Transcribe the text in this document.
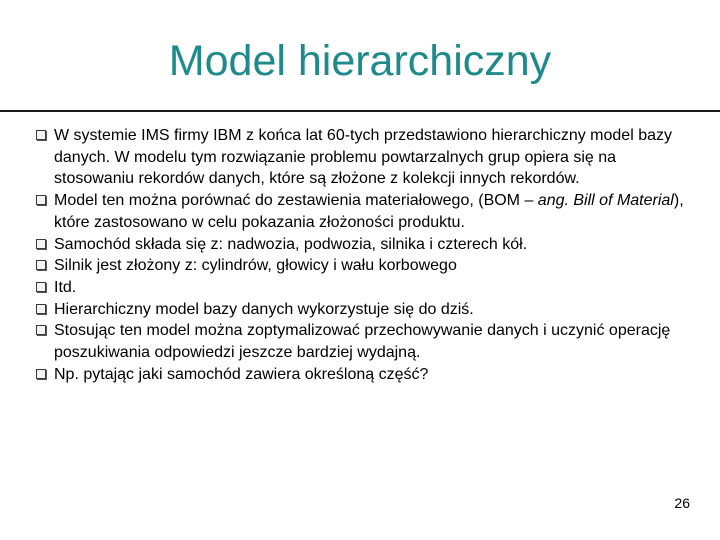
Model hierarchiczny
W systemie IMS firmy IBM z końca lat 60-tych przedstawiono hierarchiczny model bazy danych. W modelu tym rozwiązanie problemu powtarzalnych grup opiera się na stosowaniu rekordów danych, które są złożone z kolekcji innych rekordów.
Model ten można porównać do zestawienia materiałowego, (BOM – ang. Bill of Material), które zastosowano w celu pokazania złożoności produktu.
Samochód składa się z: nadwozia, podwozia, silnika i czterech kół.
Silnik jest złożony z: cylindrów, głowicy i wału korbowego
Itd.
Hierarchiczny model bazy danych wykorzystuje się do dziś.
Stosując ten model można zoptymalizować przechowywanie danych i uczynić operację poszukiwania odpowiedzi jeszcze bardziej wydajną.
Np. pytając jaki samochód zawiera określoną część?
26
